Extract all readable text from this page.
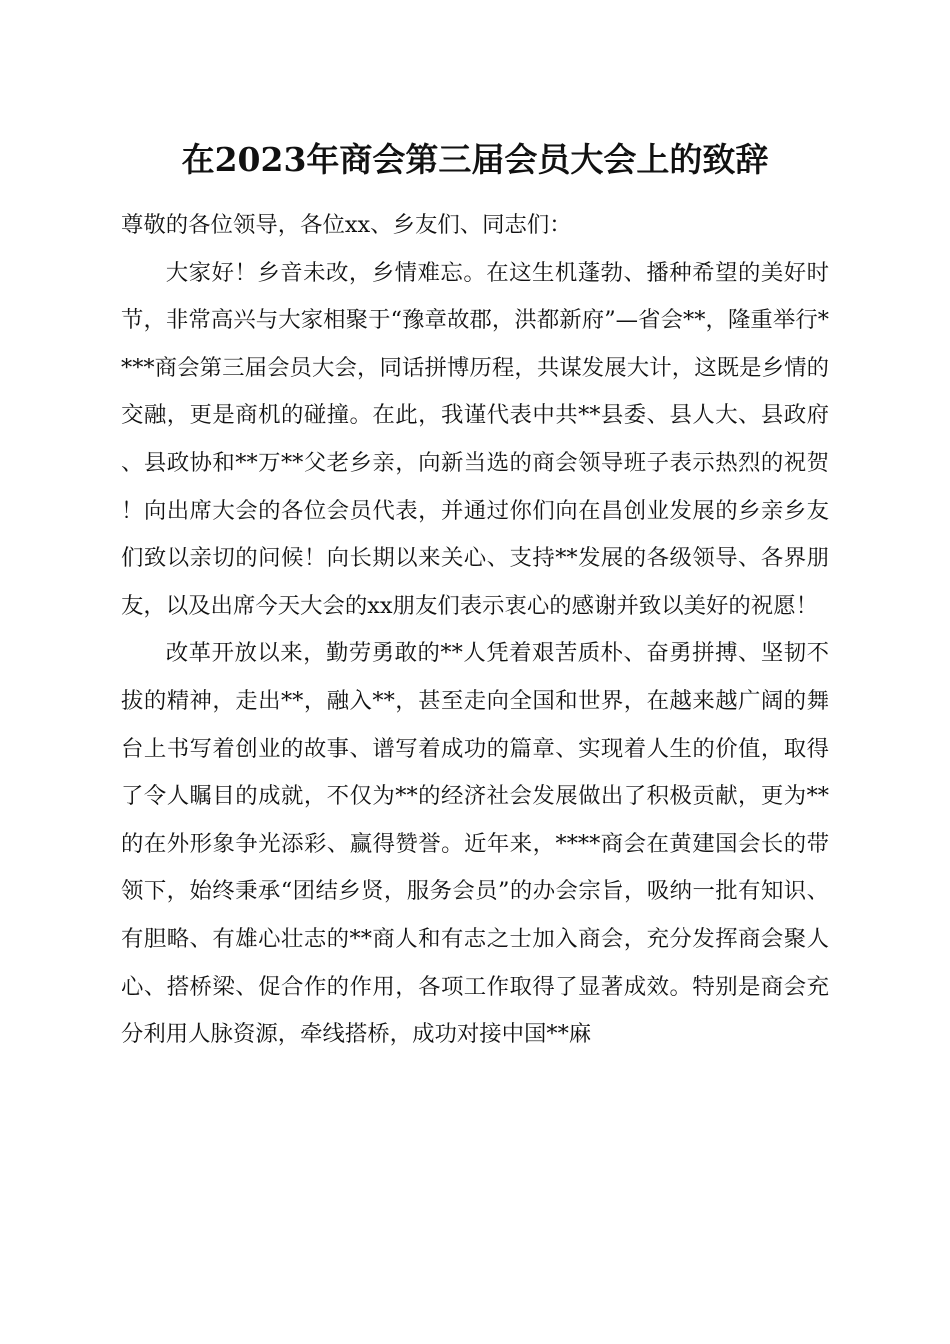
在2023年商会第三届会员大会上的致辞

尊敬的各位领导，各位xx、乡友们、同志们：

大家好！乡音未改，乡情难忘。在这生机蓬勃、播种希望的美好时节，非常高兴与大家相聚于“豫章故郡，洪都新府”—省会**，隆重举行****商会第三届会员大会，同话拼博历程，共谋发展大计，这既是乡情的交融，更是商机的碰撞。在此，我谨代表中共**县委、县人大、县政府、县政协和**万**父老乡亲，向新当选的商会领导班子表示热烈的祝贺！向出席大会的各位会员代表，并通过你们向在昌创业发展的乡亲乡友们致以亲切的问候！向长期以来关心、支持**发展的各级领导、各界朋友，以及出席今天大会的xx朋友们表示衷心的感谢并致以美好的祝愿！

改革开放以来，勤劳勇敢的**人凭着艰苦质朴、奋勇拼搏、坚韧不拔的精神，走出**，融入**，甚至走向全国和世界，在越来越广阔的舞台上书写着创业的故事、谱写着成功的篇章、实现着人生的价值，取得了令人瞩目的成就，不仅为**的经济社会发展做出了积极贡献，更为**的在外形象争光添彩、赢得赞誉。近年来，****商会在黄建国会长的带领下，始终秉承“团结乡贤，服务会员”的办会宗旨，吸纳一批有知识、有胆略、有雄心壮志的**商人和有志之士加入商会，充分发挥商会聚人心、搭桥梁、促合作的作用，各项工作取得了显著成效。特别是商会充分利用人脉资源，牵线搭桥，成功对接中国**麻
